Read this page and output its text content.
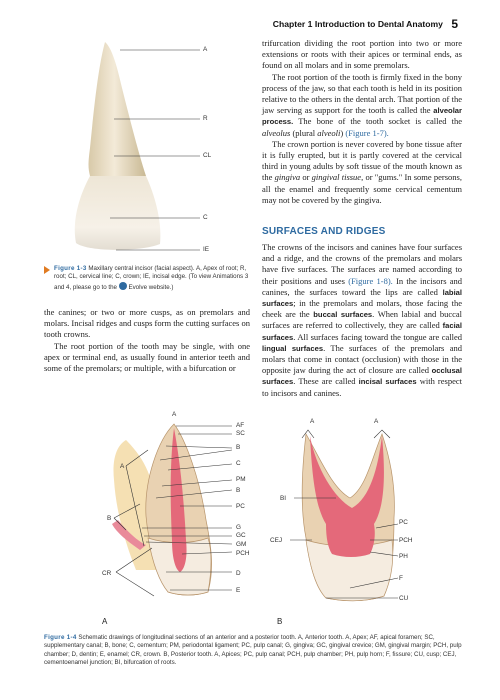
Chapter 1 Introduction to Dental Anatomy 5
A
R
CL
C
IE
Figure 1-3 Maxillary central incisor (facial aspect). A, Apex of root; R, root; CL, cervical line; C, crown; IE, incisal edge. (To view Animations 3 and 4, please go to the Evolve website.)
the canines; or two or more cusps, as on premolars and molars. Incisal ridges and cusps form the cutting surfaces on tooth crowns.
The root portion of the tooth may be single, with one apex or terminal end, as usually found in anterior teeth and some of the premolars; or multiple, with a bifurcation or
trifurcation dividing the root portion into two or more extensions or roots with their apices or terminal ends, as found on all molars and in some premolars.
The root portion of the tooth is firmly fixed in the bony process of the jaw, so that each tooth is held in its position relative to the others in the dental arch. That portion of the jaw serving as support for the tooth is called the alveolar process. The bone of the tooth socket is called the alveolus (plural alveoli) (Figure 1-7).
The crown portion is never covered by bone tissue after it is fully erupted, but it is partly covered at the cervical third in young adults by soft tissue of the mouth known as the gingiva or gingival tissue, or "gums." In some persons, all the enamel and frequently some cervical cementum may not be covered by the gingiva.
SURFACES AND RIDGES
The crowns of the incisors and canines have four surfaces and a ridge, and the crowns of the premolars and molars have five surfaces. The surfaces are named according to their positions and uses (Figure 1-8). In the incisors and canines, the surfaces toward the lips are called labial surfaces; in the premolars and molars, those facing the cheek are the buccal surfaces. When labial and buccal surfaces are referred to collectively, they are called facial surfaces. All surfaces facing toward the tongue are called lingual surfaces. The surfaces of the premolars and molars that come in contact (occlusion) with those in the opposite jaw during the act of closure are called occlusal surfaces. These are called incisal surfaces with respect to incisors and canines.
A
AF
SC
B
C
PM
B
PC
G
GC
GM
PCH
D
E
A
B
CR
A	A
BI
PC
CEJ	PCH
PH
F
CU
A	B
Figure 1-4 Schematic drawings of longitudinal sections of an anterior and a posterior tooth. A, Anterior tooth. A, Apex; AF, apical foramen; SC, supplementary canal; B, bone; C, cementum; PM, periodontal ligament; PC, pulp canal; G, gingiva; GC, gingival crevice; GM, gingival margin; PCH, pulp chamber; D, dentin; E, enamel; CR, crown. B, Posterior tooth. A, Apices; PC, pulp canal; PCH, pulp chamber; PH, pulp horn; F, fissure; CU, cusp; CEJ, cementoenamel junction; BI, bifurcation of roots.
